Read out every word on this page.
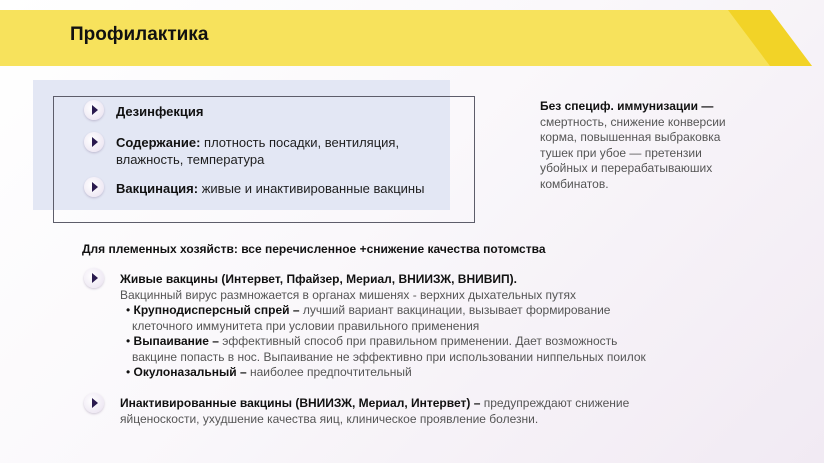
Профилактика
Дезинфекция
Содержание: плотность посадки, вентиляция,
влажность, температура
Вакцинация: живые и инактивированные вакцины
Без специф. иммунизации —
смертность, снижение конверсии
корма, повышенная выбраковка
тушек при убое — претензии
убойных и перерабатываюших
комбинатов.
Для племенных хозяйств: все перечисленное +снижение качества потомства
Живые вакцины (Интервет, Пфайзер, Мериал, ВНИИЗЖ, ВНИВИП).
Вакцинный вирус размножается в органах мишенях - верхних дыхательных путях
• Крупнодисперсный спрей – лучший вариант вакцинации, вызывает формирование
клеточного иммунитета при условии правильного применения
• Выпаивание – эффективный способ при правильном применении. Дает возможность
вакцине попасть в нос. Выпаивание не эффективно при использовании ниппельных поилок
• Окулоназальный – наиболее предпочтительный
Инактивированные вакцины (ВНИИЗЖ, Мериал, Интервет) – предупреждают снижение
яйценоскости, ухудшение качества яиц, клиническое проявление болезни.
